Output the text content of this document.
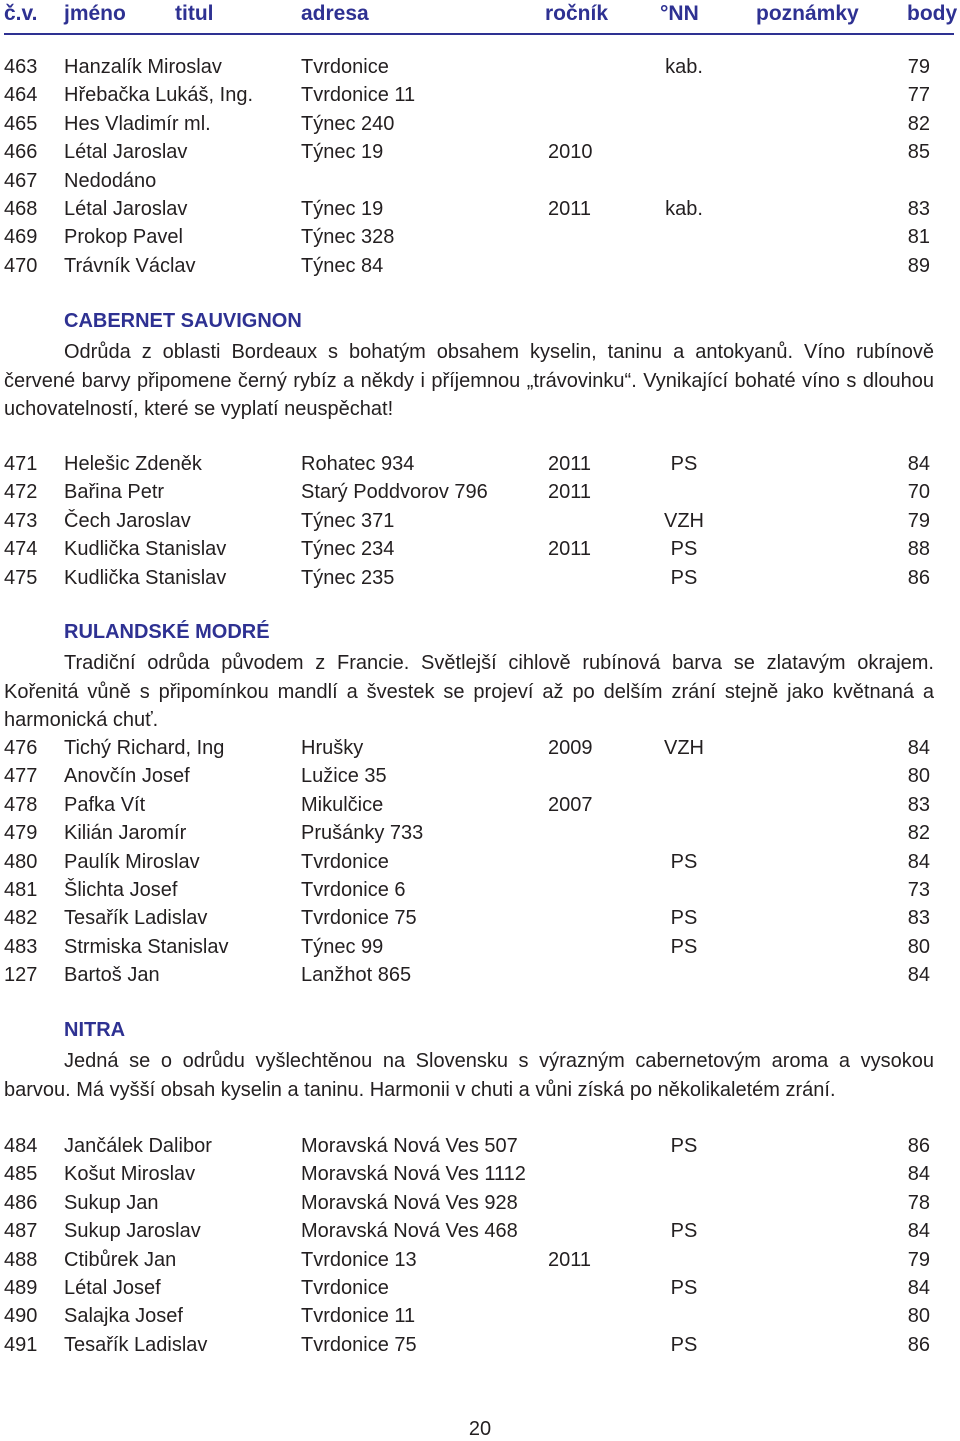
č.v. jméno titul	adresa	ročník °NN	poznámky body
463 Hanzalík Miroslav	Tvrdonice	kab.	79
464 Hřebačka Lukáš, Ing. Tvrdonice 11	77
465 Hes Vladimír ml.	Týnec 240	82
466 Létal Jaroslav	Týnec 19	2010	85
467 Nedodáno
468 Létal Jaroslav	Týnec 19	2011	kab.	83
469 Prokop Pavel	Týnec 328	81
470 Trávník Václav	Týnec 84	89
CABERNET SAUVIGNON
Odrůda z oblasti Bordeaux s bohatým obsahem kyselin, taninu a antokyanů. Víno rubínově červené barvy připomene černý rybíz a někdy i příjemnou „trávovinku“. Vynikající bohaté víno s dlouhou uchovatelností, které se vyplatí neuspěchat!
471 Helešic Zdeněk	Rohatec 934	2011	PS	84
472 Bařina Petr	Starý Poddvorov 796	2011	70
473 Čech Jaroslav	Týnec 371	VZH	79
474 Kudlička Stanislav	Týnec 234	2011	PS	88
475 Kudlička Stanislav	Týnec 235	PS	86
RULANDSKÉ MODRÉ
Tradiční odrůda původem z Francie. Světlejší cihlově rubínová barva se zlatavým okrajem. Kořenitá vůně s připomínkou mandlí a švestek se projeví až po delším zrání stejně jako květnaná a harmonická chuť.
476 Tichý Richard, Ing	Hrušky	2009	VZH	84
477 Anovčín Josef	Lužice 35	80
478 Pafka Vít	Mikulčice	2007	83
479 Kilián Jaromír	Prušánky 733	82
480 Paulík Miroslav	Tvrdonice	PS	84
481 Šlichta Josef	Tvrdonice 6	73
482 Tesařík Ladislav	Tvrdonice 75	PS	83
483 Strmiska Stanislav	Týnec 99	PS	80
127 Bartoš Jan	Lanžhot 865	84
NITRA
Jedná se o odrůdu vyšlechtěnou na Slovensku s výrazným cabernetovým aroma a vysokou barvou. Má vyšší obsah kyselin a taninu. Harmonii v chuti a vůni získá po několikaletém zrání.
484 Jančálek Dalibor	Moravská Nová Ves 507	PS	86
485 Košut Miroslav	Moravská Nová Ves 1112	84
486 Sukup Jan	Moravská Nová Ves 928	78
487 Sukup Jaroslav	Moravská Nová Ves 468	PS	84
488 Ctibůrek Jan	Tvrdonice 13	2011	79
489 Létal Josef	Tvrdonice	PS	84
490 Salajka Josef	Tvrdonice 11	80
491 Tesařík Ladislav	Tvrdonice 75	PS	86
20
